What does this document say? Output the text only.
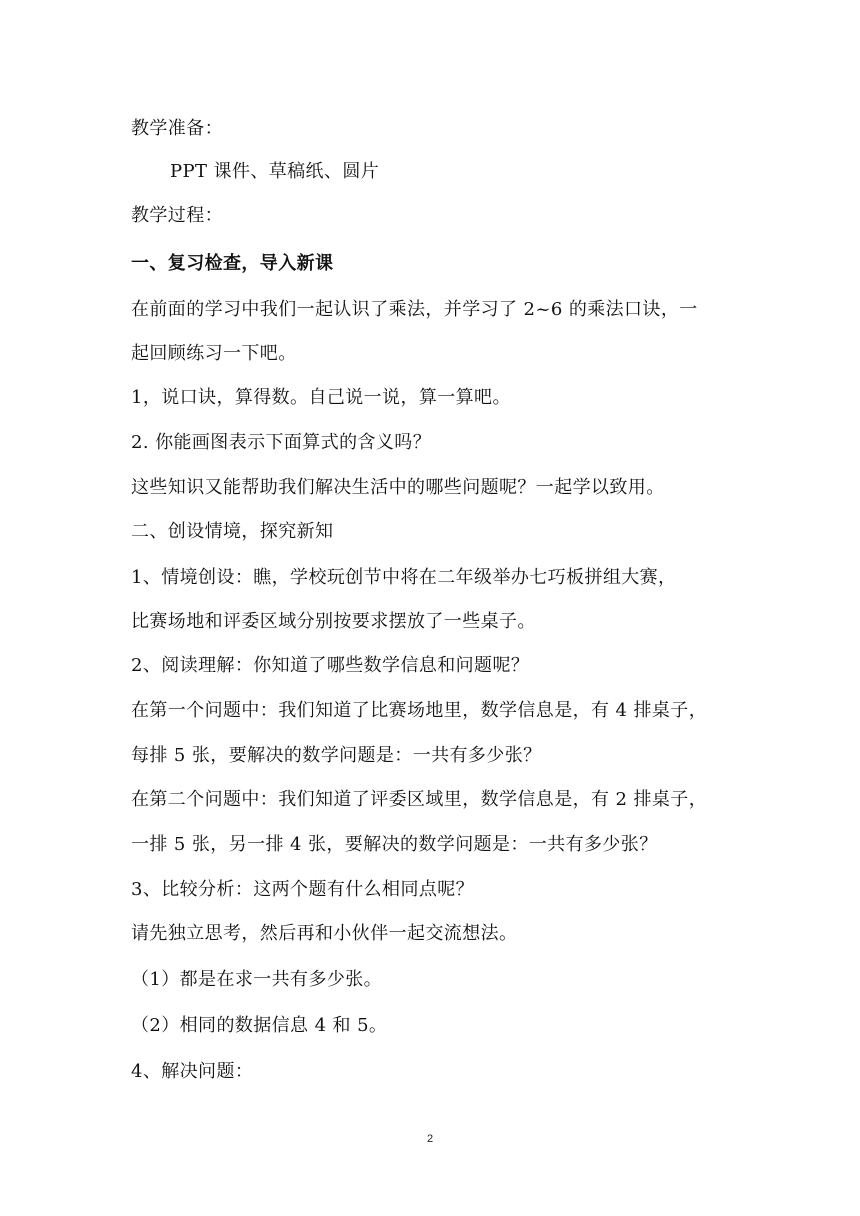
教学准备：
PPT 课件、草稿纸、圆片
教学过程：
一、复习检查，导入新课
在前面的学习中我们一起认识了乘法，并学习了 2~6 的乘法口诀，一
起回顾练习一下吧。
1，说口诀，算得数。自己说一说，算一算吧。
2. 你能画图表示下面算式的含义吗？
这些知识又能帮助我们解决生活中的哪些问题呢？一起学以致用。
二、创设情境，探究新知
1、情境创设：瞧，学校玩创节中将在二年级举办七巧板拼组大赛，
比赛场地和评委区域分别按要求摆放了一些桌子。
2、阅读理解：你知道了哪些数学信息和问题呢？
在第一个问题中：我们知道了比赛场地里，数学信息是，有 4 排桌子，
每排 5 张，要解决的数学问题是：一共有多少张？
在第二个问题中：我们知道了评委区域里，数学信息是，有 2 排桌子，
一排 5 张，另一排 4 张，要解决的数学问题是：一共有多少张？
3、比较分析：这两个题有什么相同点呢？
请先独立思考，然后再和小伙伴一起交流想法。
（1）都是在求一共有多少张。
（2）相同的数据信息 4 和 5。
4、解决问题：
2
